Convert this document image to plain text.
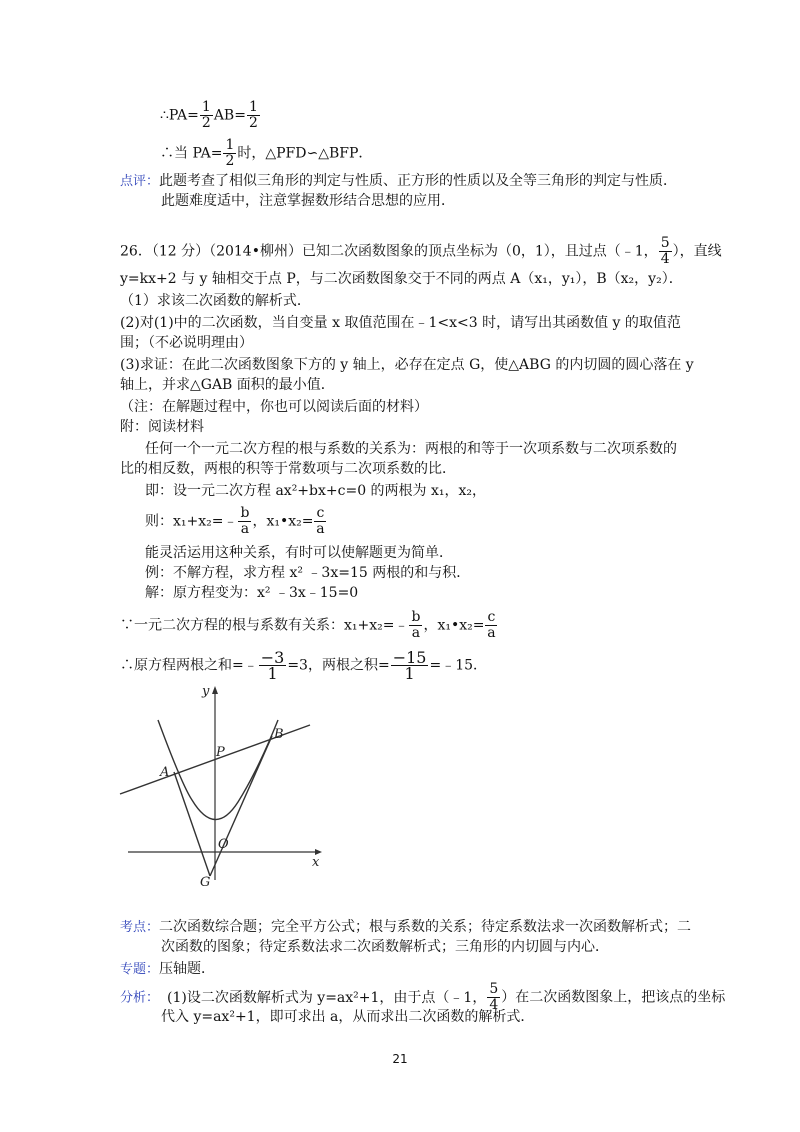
∴PA= $\frac{1}{2} AB= \frac{1}{2}$
∴当 $PA= \frac{1}{2}$ 时，△PFD∽△BFP．
点评：此题考查了相似三角形的判定与性质、正方形的性质以及全等三角形的判定与性质．
此题难度适中，注意掌握数形结合思想的应用．
26．（12 分）（2014•柳州）已知二次函数图象的顶点坐标为（0，1），且过点（﹣1， $\frac{5}{4}$ ），直线
y=kx+2 与 y 轴相交于点 P，与二次函数图象交于不同的两点 A（x₁，y₁），B（x₂，y₂）．
（1）求该二次函数的解析式．
(2)对(1)中的二次函数，当自变量 x 取值范围在﹣1<x<3 时，请写出其函数值 y 的取值范
围；（不必说明理由）
(3)求证：在此二次函数图象下方的 y 轴上，必存在定点 G，使△ABG 的内切圆的圆心落在 y
轴上，并求△GAB 面积的最小值．
（注：在解题过程中，你也可以阅读后面的材料）
附：阅读材料
任何一个一元二次方程的根与系数的关系为：两根的和等于一次项系数与二次项系数的
比的相反数，两根的积等于常数项与二次项系数的比．
即：设一元二次方程 ax²+bx+c=0 的两根为 x₁，x₂，
则：x₁+x₂=﹣ $\frac{b}{a}$ ，x₁•x₂= $\frac{c}{a}$
能灵活运用这种关系，有时可以使解题更为简单．
例：不解方程，求方程 x² ﹣3x=15 两根的和与积．
解：原方程变为：x² ﹣3x﹣15=0
∵一元二次方程的根与系数有关系：x₁+x₂=﹣ $\frac{b}{a}$ ，x₁•x₂= $\frac{c}{a}$
∴原方程两根之和=﹣ $\frac{-3}{1} =3$，两根之积= $\frac{-15}{1}$ =﹣15．
y
x
P
A
B
O
G
考点：二次函数综合题；完全平方公式；根与系数的关系；待定系数法求一次函数解析式；二
次函数的图象；待定系数法求二次函数解析式；三角形的内切圆与内心．
专题：压轴题．
分析： (1)设二次函数解析式为 y=ax²+1，由于点（﹣1， $\frac{5}{4}$ ）在二次函数图象上，把该点的坐标
代入 y=ax²+1，即可求出 a，从而求出二次函数的解析式．
21
